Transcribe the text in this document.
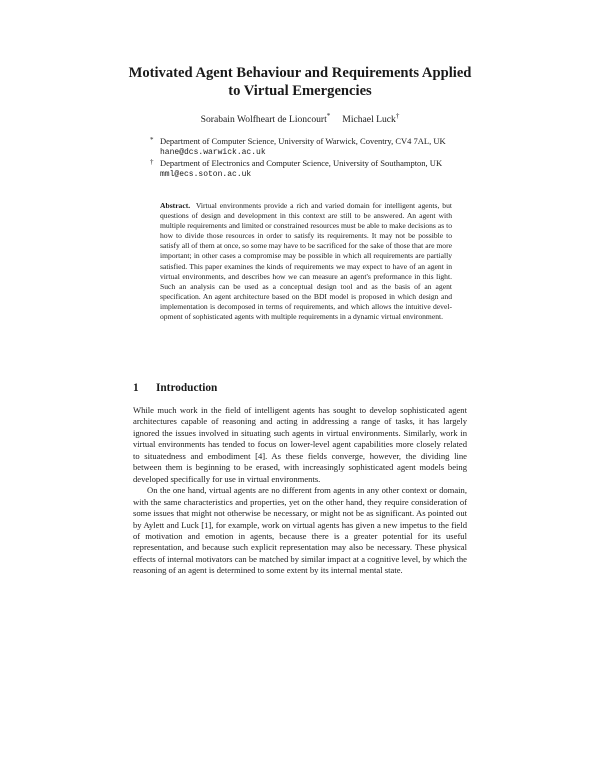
Motivated Agent Behaviour and Requirements Applied
to Virtual Emergencies
Sorabain Wolfheart de Lioncourt* Michael Luck†
* Department of Computer Science, University of Warwick, Coventry, CV4 7AL, UK
hane@dcs.warwick.ac.uk
† Department of Electronics and Computer Science, University of Southampton, UK
mml@ecs.soton.ac.uk
Abstract. Virtual environments provide a rich and varied domain for intelligent agents, but questions of design and development in this context are still to be answered. An agent with multiple requirements and limited or constrained resources must be able to make decisions as to how to divide those resources in order to satisfy its requirements. It may not be possible to satisfy all of them at once, so some may have to be sacrificed for the sake of those that are more important; in other cases a compromise may be possible in which all requirements are partially satisfied. This paper examines the kinds of requirements we may expect to have of an agent in virtual environments, and describes how we can measure an agent's preformance in this light. Such an analysis can be used as a conceptual design tool and as the basis of an agent specification. An agent architecture based on the BDI model is proposed in which design and implementation is decomposed in terms of requirements, and which allows the intuitive development of sophisticated agents with multiple requirements in a dynamic virtual environment.
1 Introduction

While much work in the field of intelligent agents has sought to develop sophisticated agent architectures capable of reasoning and acting in addressing a range of tasks, it has largely ignored the issues involved in situating such agents in virtual environments. Similarly, work in virtual environments has tended to focus on lower-level agent capabilities more closely related to situatedness and embodiment [4]. As these fields converge, however, the dividing line between them is beginning to be erased, with increasingly sophisticated agent models being developed specifically for use in virtual environments.

On the one hand, virtual agents are no different from agents in any other context or domain, with the same characteristics and properties, yet on the other hand, they require consideration of some issues that might not otherwise be necessary, or might not be as significant. As pointed out by Aylett and Luck [1], for example, work on virtual agents has given a new impetus to the field of motivation and emotion in agents, because there is a greater potential for its useful representation, and because such explicit representation may also be necessary. These physical effects of internal motivators can be matched by similar impact at a cognitive level, by which the reasoning of an agent is determined to some extent by its internal mental state.
